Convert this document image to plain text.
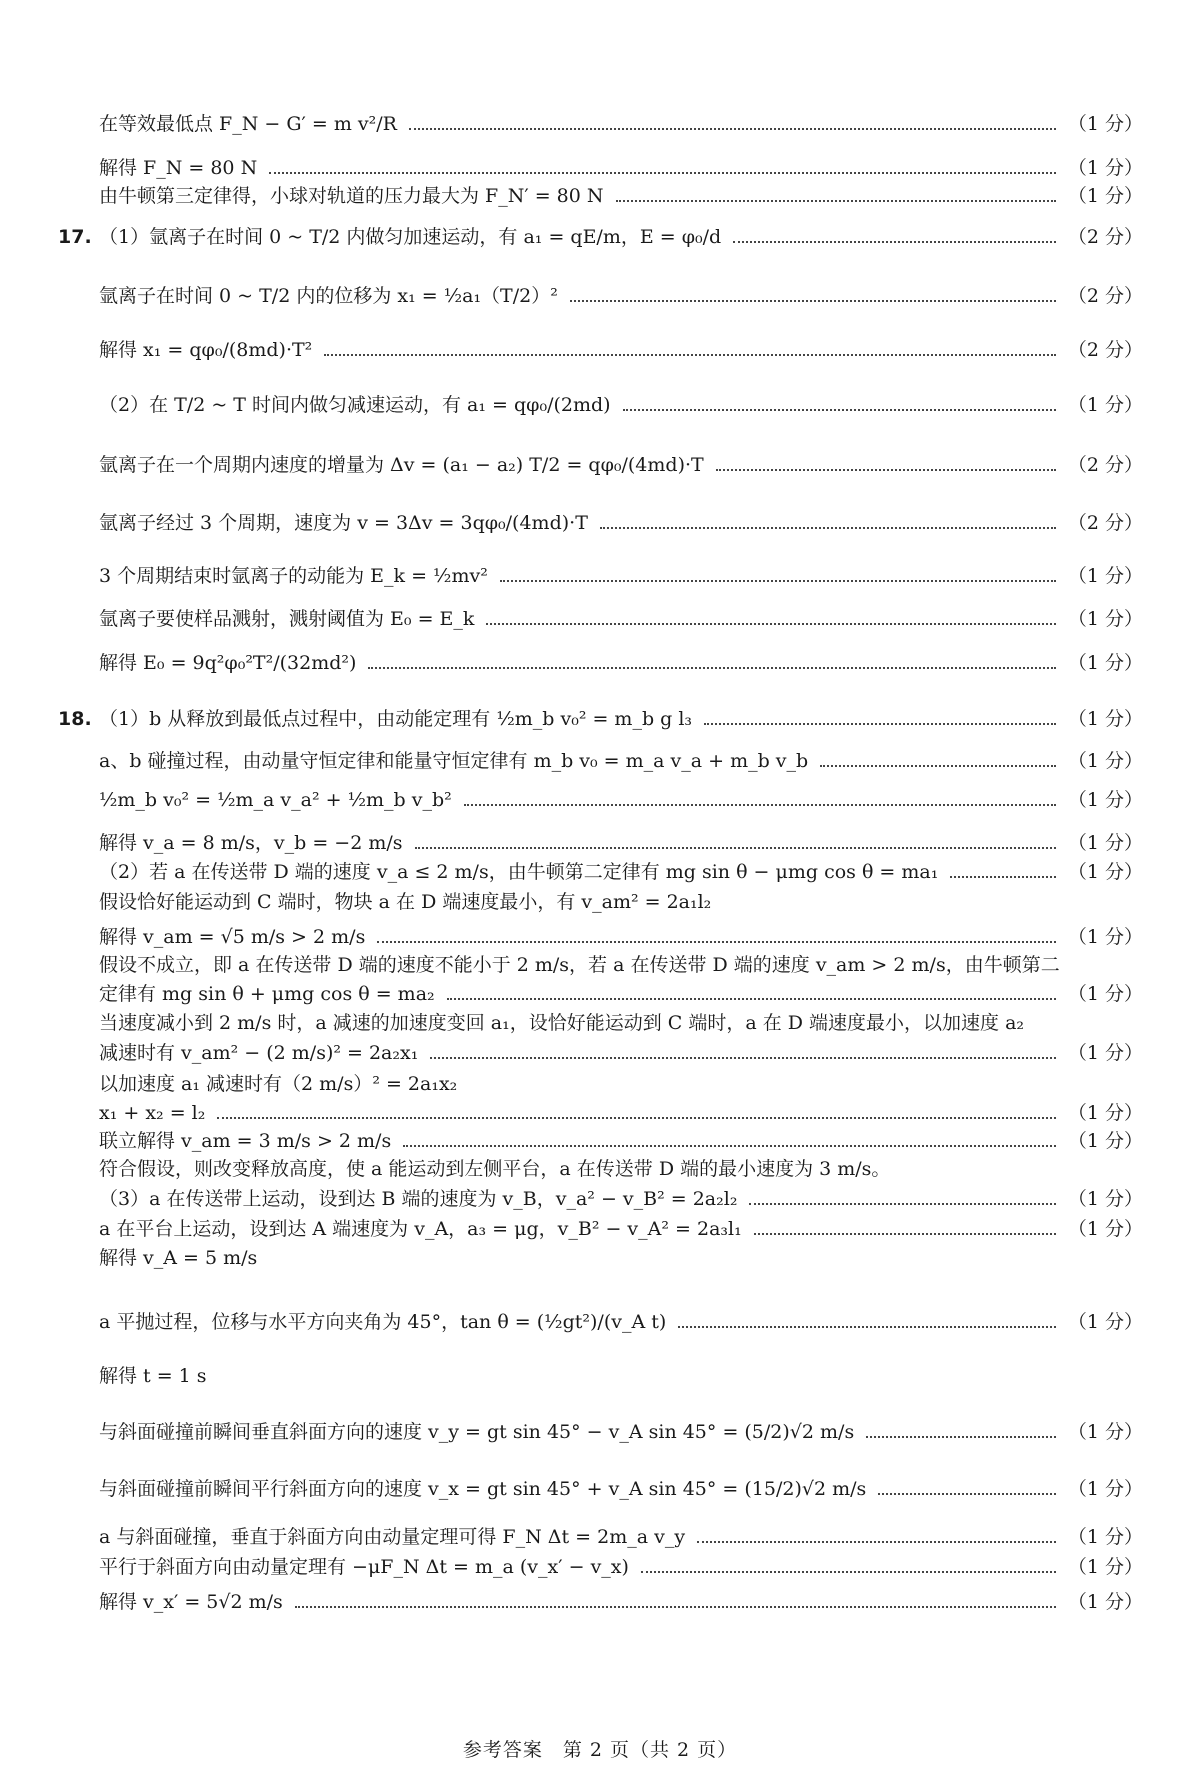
在等效最低点 F_N − G′ = m v²/R	（1 分）
解得 F_N = 80 N	（1 分）
由牛顿第三定律得，小球对轨道的压力最大为 F_N′ = 80 N	（1 分）
17. （1）氩离子在时间 0 ~ T/2 内做匀加速运动，有 a₁ = qE/m，E = φ₀/d	（2 分）
氩离子在时间 0 ~ T/2 内的位移为 x₁ = ½a₁（T/2）²	（2 分）
解得 x₁ = qφ₀/(8md)·T²	（2 分）
（2）在 T/2 ~ T 时间内做匀减速运动，有 a₁ = qφ₀/(2md)	（1 分）
氩离子在一个周期内速度的增量为 Δv = (a₁ − a₂) T/2 = qφ₀/(4md)·T	（2 分）
氩离子经过 3 个周期，速度为 v = 3Δv = 3qφ₀/(4md)·T	（2 分）
3 个周期结束时氩离子的动能为 E_k = ½mv²	（1 分）
氩离子要使样品溅射，溅射阈值为 E₀ = E_k	（1 分）
解得 E₀ = 9q²φ₀²T²/(32md²)	（1 分）
18. （1）b 从释放到最低点过程中，由动能定理有 ½m_b v₀² = m_b g l₃	（1 分）
a、b 碰撞过程，由动量守恒定律和能量守恒定律有 m_b v₀ = m_a v_a + m_b v_b	（1 分）
½m_b v₀² = ½m_a v_a² + ½m_b v_b²	（1 分）
解得 v_a = 8 m/s，v_b = −2 m/s	（1 分）
（2）若 a 在传送带 D 端的速度 v_a ≤ 2 m/s，由牛顿第二定律有 mg sin θ − μmg cos θ = ma₁	（1 分）
假设恰好能运动到 C 端时，物块 a 在 D 端速度最小，有 v_am² = 2a₁l₂
解得 v_am = √5 m/s > 2 m/s	（1 分）
假设不成立，即 a 在传送带 D 端的速度不能小于 2 m/s，若 a 在传送带 D 端的速度 v_am > 2 m/s，由牛顿第二
定律有 mg sin θ + μmg cos θ = ma₂	（1 分）
当速度减小到 2 m/s 时，a 减速的加速度变回 a₁，设恰好能运动到 C 端时，a 在 D 端速度最小，以加速度 a₂
减速时有 v_am² − (2 m/s)² = 2a₂x₁	（1 分）
以加速度 a₁ 减速时有（2 m/s）² = 2a₁x₂
x₁ + x₂ = l₂	（1 分）
联立解得 v_am = 3 m/s > 2 m/s	（1 分）
符合假设，则改变释放高度，使 a 能运动到左侧平台，a 在传送带 D 端的最小速度为 3 m/s。
（3）a 在传送带上运动，设到达 B 端的速度为 v_B，v_a² − v_B² = 2a₂l₂	（1 分）
a 在平台上运动，设到达 A 端速度为 v_A，a₃ = μg，v_B² − v_A² = 2a₃l₁	（1 分）
解得 v_A = 5 m/s
a 平抛过程，位移与水平方向夹角为 45°，tan θ = (½gt²)/(v_A t)	（1 分）
解得 t = 1 s
与斜面碰撞前瞬间垂直斜面方向的速度 v_y = gt sin 45° − v_A sin 45° = (5/2)√2 m/s	（1 分）
与斜面碰撞前瞬间平行斜面方向的速度 v_x = gt sin 45° + v_A sin 45° = (15/2)√2 m/s	（1 分）
a 与斜面碰撞，垂直于斜面方向由动量定理可得 F_N Δt = 2m_a v_y	（1 分）
平行于斜面方向由动量定理有 −μF_N Δt = m_a (v_x′ − v_x)	（1 分）
解得 v_x′ = 5√2 m/s	（1 分）
参考答案　第 2 页（共 2 页）
